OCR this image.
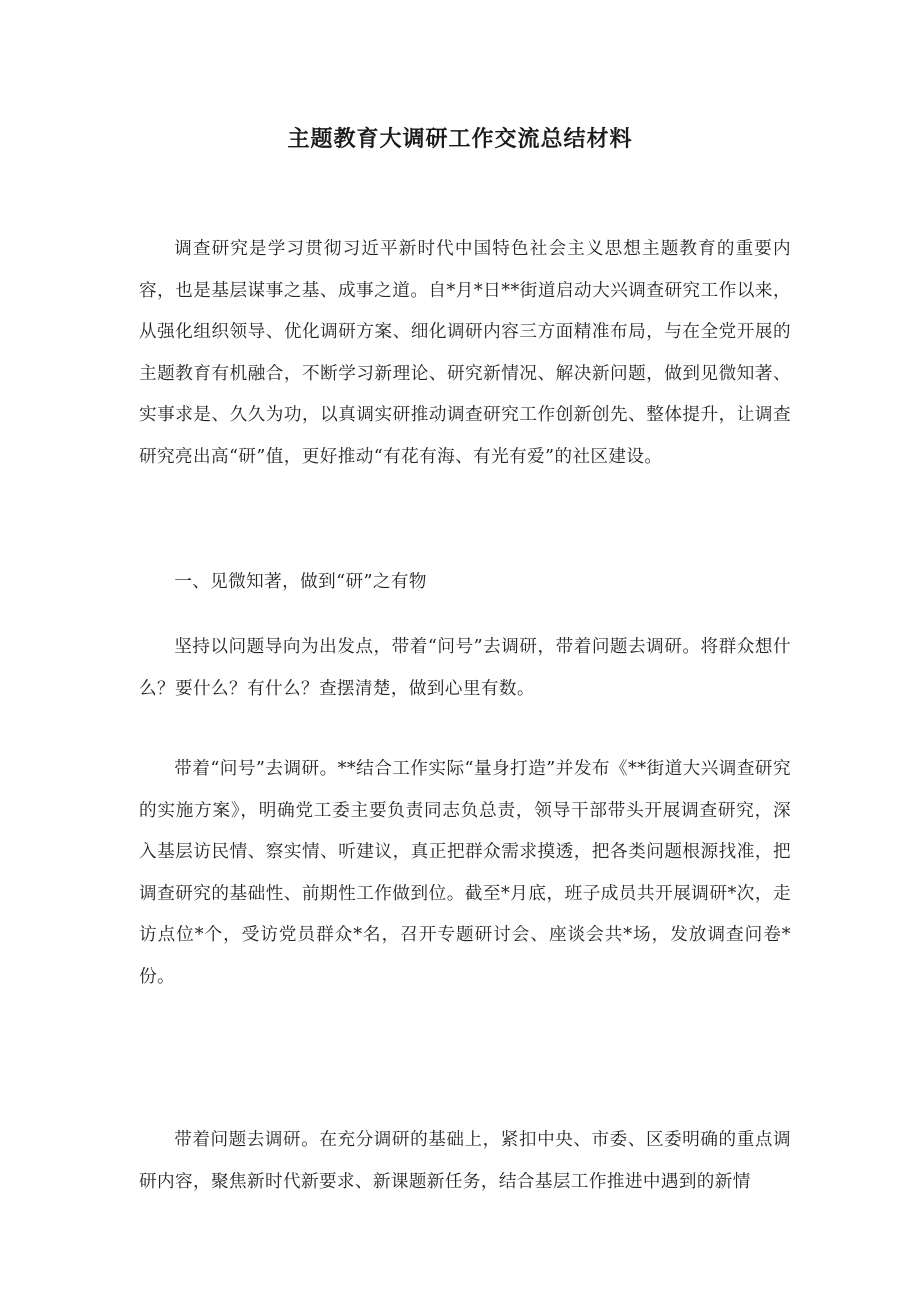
主题教育大调研工作交流总结材料

调查研究是学习贯彻习近平新时代中国特色社会主义思想主题教育的重要内容，也是基层谋事之基、成事之道。自*月*日**街道启动大兴调查研究工作以来，从强化组织领导、优化调研方案、细化调研内容三方面精准布局，与在全党开展的主题教育有机融合，不断学习新理论、研究新情况、解决新问题，做到见微知著、实事求是、久久为功，以真调实研推动调查研究工作创新创先、整体提升，让调查研究亮出高“研”值，更好推动“有花有海、有光有爱”的社区建设。

一、见微知著，做到“研”之有物

坚持以问题导向为出发点，带着“问号”去调研，带着问题去调研。将群众想什么？要什么？有什么？查摆清楚，做到心里有数。

带着“问号”去调研。**结合工作实际“量身打造”并发布《**街道大兴调查研究的实施方案》，明确党工委主要负责同志负总责，领导干部带头开展调查研究，深入基层访民情、察实情、听建议，真正把群众需求摸透，把各类问题根源找准，把调查研究的基础性、前期性工作做到位。截至*月底，班子成员共开展调研*次，走访点位*个，受访党员群众*名，召开专题研讨会、座谈会共*场，发放调查问卷*份。

带着问题去调研。在充分调研的基础上，紧扣中央、市委、区委明确的重点调研内容，聚焦新时代新要求、新课题新任务，结合基层工作推进中遇到的新情
